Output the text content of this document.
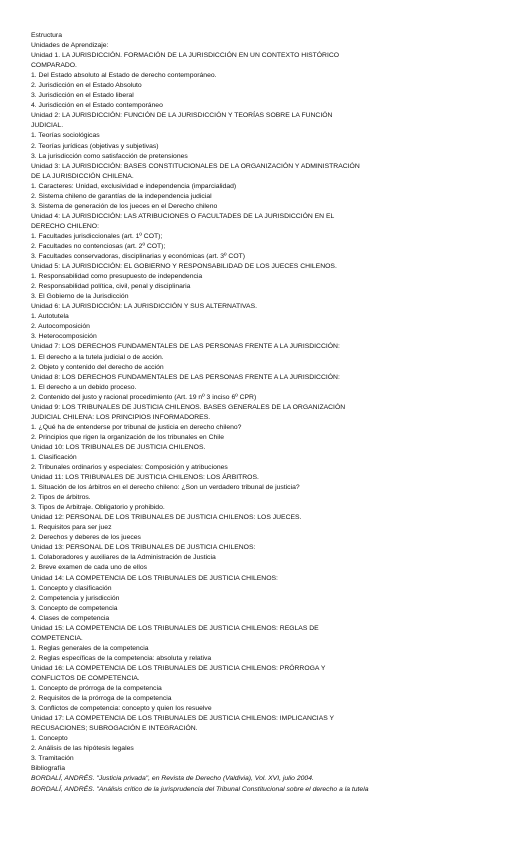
Estructura
Unidades de Aprendizaje:
Unidad 1. LA JURISDICCIÓN. FORMACIÓN DE LA JURISDICCIÓN EN UN CONTEXTO HISTÓRICO
COMPARADO.
1. Del Estado absoluto al Estado de derecho contemporáneo.
2. Jurisdicción en el Estado Absoluto
3. Jurisdicción en el Estado liberal
4. Jurisdicción en el Estado contemporáneo
Unidad 2: LA JURISDICCIÓN: FUNCIÓN DE LA JURISDICCIÓN Y TEORÍAS SOBRE LA FUNCIÓN
JUDICIAL.
1. Teorías sociológicas
2. Teorías jurídicas (objetivas y subjetivas)
3. La jurisdicción como satisfacción de pretensiones
Unidad 3: LA JURISDICCIÓN: BASES CONSTITUCIONALES DE LA ORGANIZACIÓN Y ADMINISTRACIÓN
DE LA JURISDICCIÓN CHILENA.
1. Caracteres: Unidad, exclusividad e independencia (imparcialidad)
2. Sistema chileno de garantías de la independencia judicial
3. Sistema de generación de los jueces en el Derecho chileno
Unidad 4: LA JURISDICCIÓN: LAS ATRIBUCIONES O FACULTADES DE LA JURISDICCIÓN EN EL
DERECHO CHILENO:
1. Facultades jurisdiccionales (art. 1º COT);
2. Facultades no contenciosas (art. 2º COT);
3. Facultades conservadoras, disciplinarias y económicas (art. 3º COT)
Unidad 5: LA JURISDICCIÓN: EL GOBIERNO Y RESPONSABILIDAD DE LOS JUECES CHILENOS.
1. Responsabilidad como presupuesto de independencia
2. Responsabilidad política, civil, penal y disciplinaria
3. El Gobierno de la Jurisdicción
Unidad 6: LA JURISDICCIÓN: LA JURISDICCIÓN Y SUS ALTERNATIVAS.
1. Autotutela
2. Autocomposición
3. Heterocomposición
Unidad 7: LOS DERECHOS FUNDAMENTALES DE LAS PERSONAS FRENTE A LA JURISDICCIÓN:
1. El derecho a la tutela judicial o de acción.
2. Objeto y contenido del derecho de acción
Unidad 8: LOS DERECHOS FUNDAMENTALES DE LAS PERSONAS FRENTE A LA JURISDICCIÓN:
1. El derecho a un debido proceso.
2. Contenido del justo y racional procedimiento (Art. 19 nº 3 inciso 6º CPR)
Unidad 9: LOS TRIBUNALES DE JUSTICIA CHILENOS. BASES GENERALES DE LA ORGANIZACIÓN
JUDICIAL CHILENA: LOS PRINCIPIOS INFORMADORES.
1. ¿Qué ha de entenderse por tribunal de justicia en derecho chileno?
2. Principios que rigen la organización de los tribunales en Chile
Unidad 10: LOS TRIBUNALES DE JUSTICIA CHILENOS.
1. Clasificación
2. Tribunales ordinarios y especiales: Composición y atribuciones
Unidad 11: LOS TRIBUNALES DE JUSTICIA CHILENOS: LOS ÁRBITROS.
1. Situación de los árbitros en el derecho chileno: ¿Son un verdadero tribunal de justicia?
2. Tipos de árbitros.
3. Tipos de Arbitraje. Obligatorio y prohibido.
Unidad 12: PERSONAL DE LOS TRIBUNALES DE JUSTICIA CHILENOS: LOS JUECES.
1. Requisitos para ser juez
2. Derechos y deberes de los jueces
Unidad 13: PERSONAL DE LOS TRIBUNALES DE JUSTICIA CHILENOS:
1. Colaboradores y auxiliares de la Administración de Justicia
2. Breve examen de cada uno de ellos
Unidad 14: LA COMPETENCIA DE LOS TRIBUNALES DE JUSTICIA CHILENOS:
1. Concepto y clasificación
2. Competencia y jurisdicción
3. Concepto de competencia
4. Clases de competencia
Unidad 15: LA COMPETENCIA DE LOS TRIBUNALES DE JUSTICIA CHILENOS: REGLAS DE
COMPETENCIA.
1. Reglas generales de la competencia
2. Reglas específicas de la competencia: absoluta y relativa
Unidad 16: LA COMPETENCIA DE LOS TRIBUNALES DE JUSTICIA CHILENOS: PRÓRROGA Y
CONFLICTOS DE COMPETENCIA.
1. Concepto de prórroga de la competencia
2. Requisitos de la prórroga de la competencia
3. Conflictos de competencia: concepto y quien los resuelve
Unidad 17: LA COMPETENCIA DE LOS TRIBUNALES DE JUSTICIA CHILENOS: IMPLICANCIAS Y
RECUSACIONES; SUBROGACIÓN E INTEGRACIÓN.
1. Concepto
2. Análisis de las hipótesis legales
3. Tramitación
Bibliografía
BORDALÍ, ANDRÉS. "Justicia privada", en Revista de Derecho (Valdivia), Vol. XVI, julio 2004.
BORDALÍ, ANDRÉS. "Análisis crítico de la jurisprudencia del Tribunal Constitucional sobre el derecho a la tutela
